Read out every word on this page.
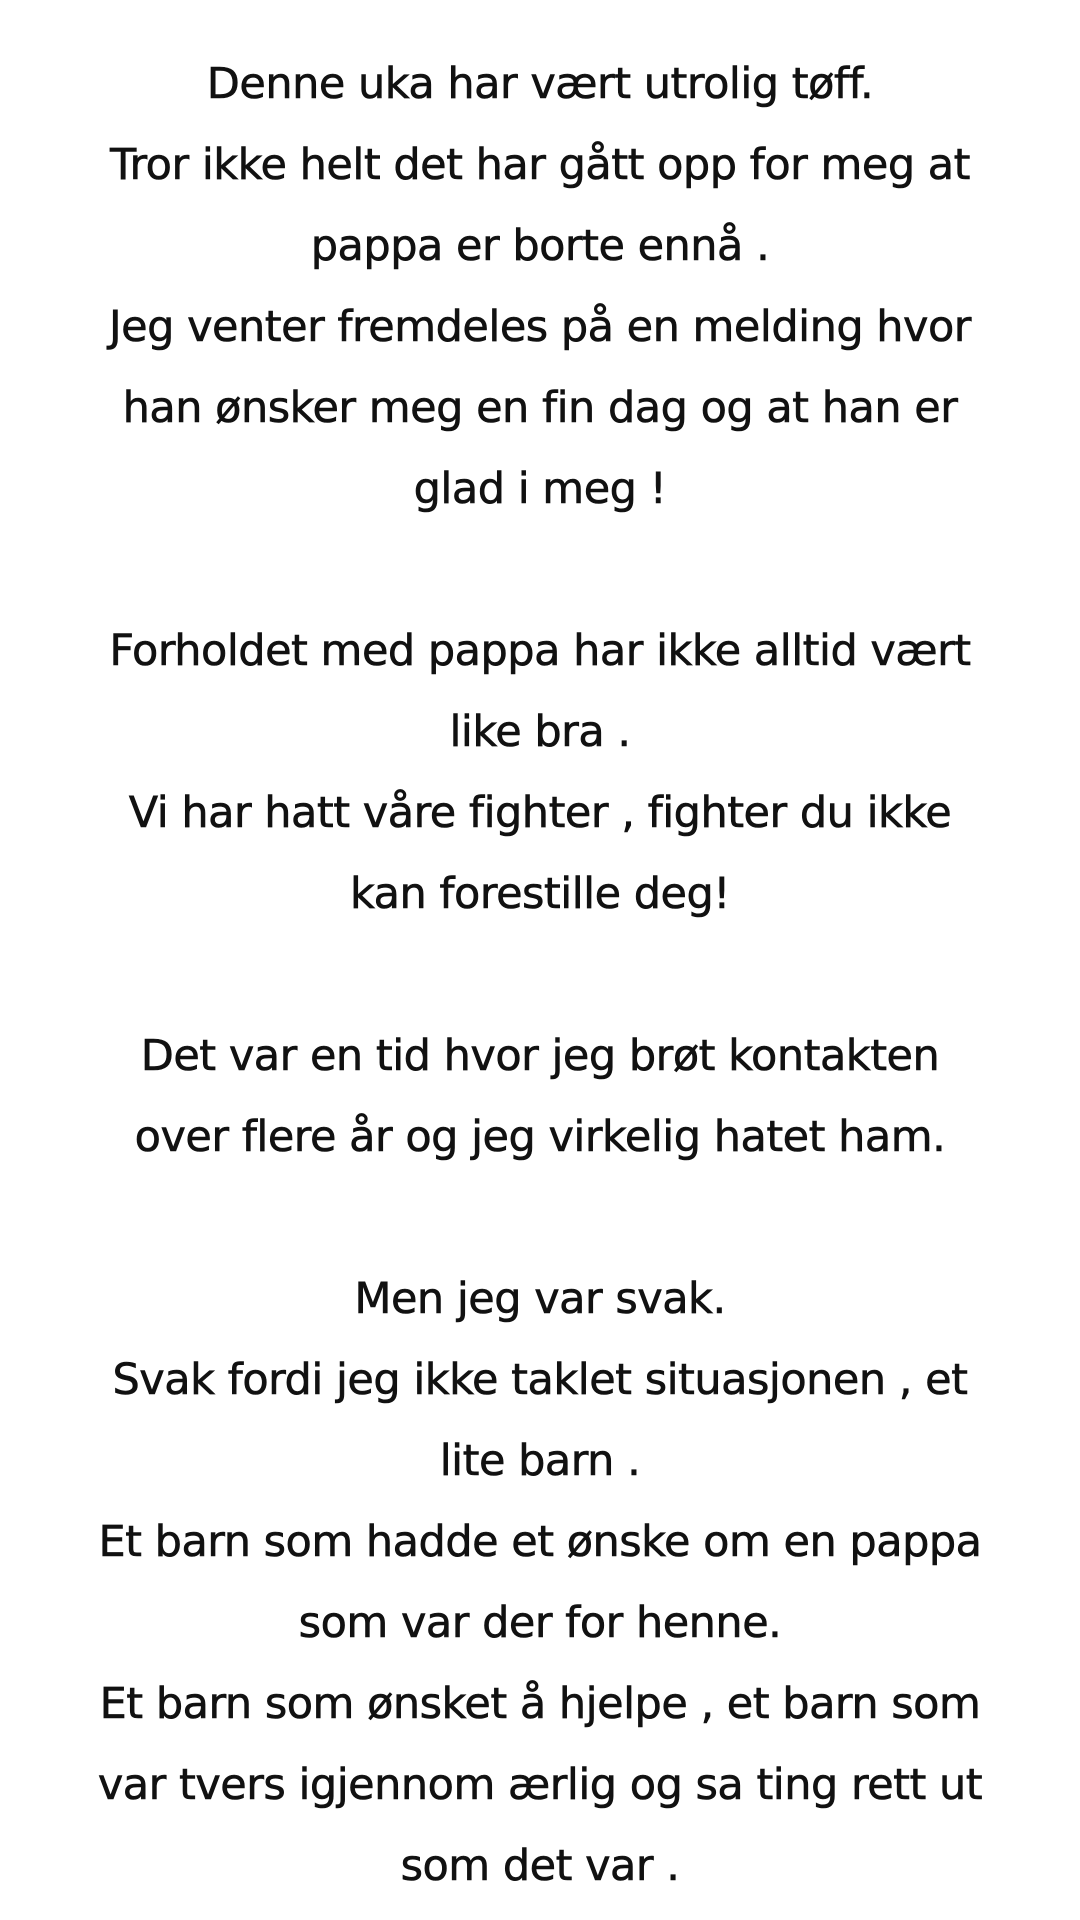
Denne uka har vært utrolig tøff.
Tror ikke helt det har gått opp for meg at
pappa er borte ennå .
Jeg venter fremdeles på en melding hvor
han ønsker meg en fin dag og at han er
glad i meg !
Forholdet med pappa har ikke alltid vært
like bra .
Vi har hatt våre fighter , fighter du ikke
kan forestille deg!
Det var en tid hvor jeg brøt kontakten
over flere år og jeg virkelig hatet ham.
Men jeg var svak.
Svak fordi jeg ikke taklet situasjonen , et
lite barn .
Et barn som hadde et ønske om en pappa
som var der for henne.
Et barn som ønsket å hjelpe , et barn som
var tvers igjennom ærlig og sa ting rett ut
som det var .
